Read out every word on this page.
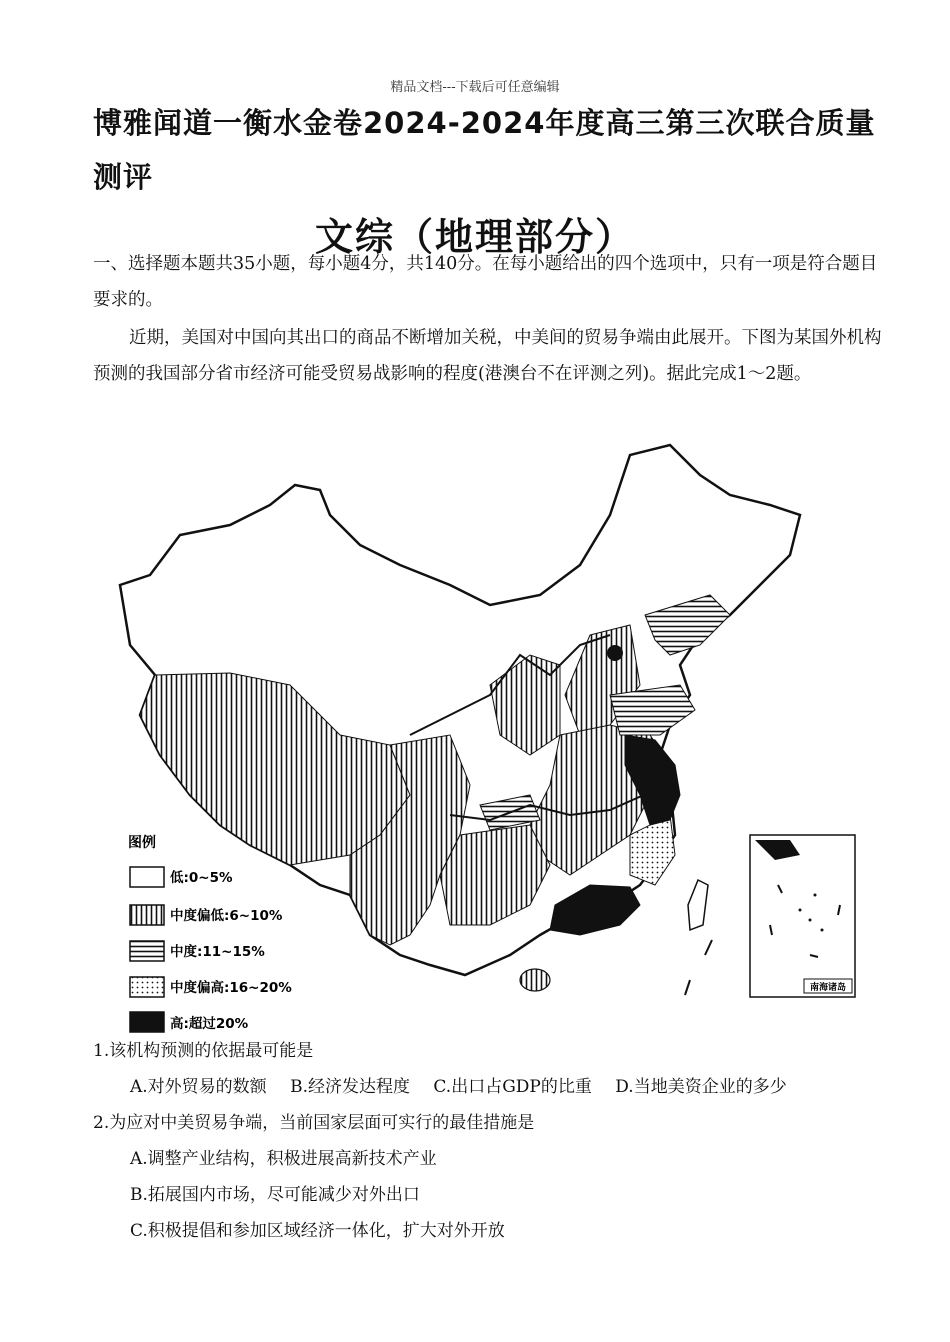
精品文档---下载后可任意编辑
博雅闻道一衡水金卷2024-2024年度高三第三次联合质量测评
文综（地理部分）
一、选择题本题共35小题，每小题4分，共140分。在每小题给出的四个选项中，只有一项是符合题目要求的。
近期，美国对中国向其出口的商品不断增加关税，中美间的贸易争端由此展开。下图为某国外机构预测的我国部分省市经济可能受贸易战影响的程度(港澳台不在评测之列)。据此完成1～2题。
图例
低:0~5%
中度偏低:6~10%
中度:11~15%
中度偏高:16~20%	南海诸岛
高:超过20%
1.该机构预测的依据最可能是
A.对外贸易的数额 B.经济发达程度 C.出口占GDP的比重 D.当地美资企业的多少
2.为应对中美贸易争端，当前国家层面可实行的最佳措施是
A.调整产业结构，积极进展高新技术产业
B.拓展国内市场，尽可能减少对外出口
C.积极提倡和参加区域经济一体化，扩大对外开放
